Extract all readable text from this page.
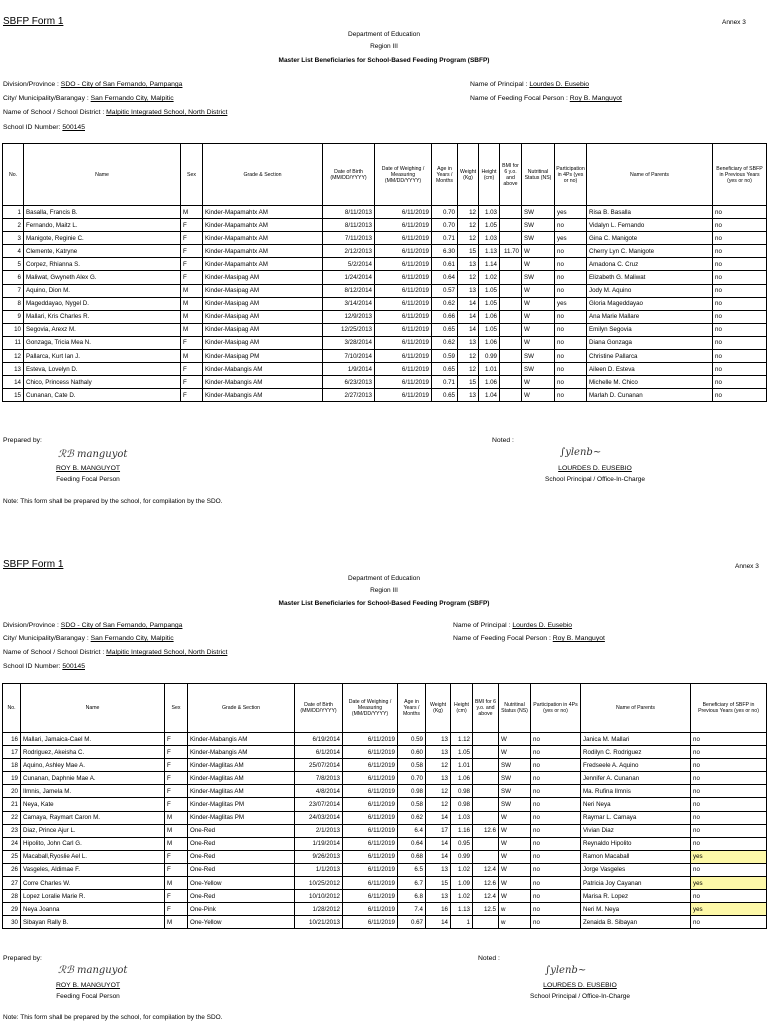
SBFP Form 1	Annex 3
Department of Education
Region III
Master List Beneficiaries for School-Based Feeding Program (SBFP)
Division/Province : SDO - City of San Fernando, Pampanga
City/ Municipality/Barangay : San Fernando City, Malpitic
Name of School / School District : Malpitic Integrated School, North District
School ID Number: 500145
Name of Principal : Lourdes D. Eusebio
Name of Feeding Focal Person : Roy B. Manguyot
No.	Name	Sex	Grade & Section	Date of Birth (MM/DD/YYYY)	Date of Weighing / Measuring (MM/DD/YYYY)	Age in Years / Months	Weight (Kg)	Height (cm)	BMI for 6 y.o. and above	Nutritinal Status (NS)	Participation in 4Ps (yes or no)	Name of Parents	Beneficiary of SBFP in Previous Years (yes or no)
1	Basalla, Francis B.	M	Kinder-Mapamahtx AM	8/11/2013	6/11/2019	0.70	12	1.03		SW	yes	Risa B. Basalla	no
2	Fernando, Maitz L.	F	Kinder-Mapamahtx AM	8/11/2013	6/11/2019	0.70	12	1.05		SW	no	Vidalyn L. Fernando	no
3	Manigote, Reginie C.	F	Kinder-Mapamahtx AM	7/11/2013	6/11/2019	0.71	12	1.03		SW	yes	Gina C. Manigote	no
4	Clemente, Katryne	F	Kinder-Mapamahtx AM	2/12/2013	6/11/2019	6.30	15	1.13	11.70	W	no	Cherry Lyn C. Manigote	no
5	Corpez, Rhianna S.	F	Kinder-Mapamahtx AM	5/2/2014	6/11/2019	0.61	13	1.14		W	no	Amadona C. Cruz	no
6	Maliwat, Gwyneth Alex G.	F	Kinder-Masipag AM	1/24/2014	6/11/2019	0.64	12	1.02		SW	no	Elizabeth G. Maliwat	no
7	Aquino, Dion M.	M	Kinder-Masipag AM	8/12/2014	6/11/2019	0.57	13	1.05		W	no	Jody M. Aquino	no
8	Mageddayao, Nygel D.	M	Kinder-Masipag AM	3/14/2014	6/11/2019	0.62	14	1.05		W	yes	Gloria Mageddayao	no
9	Mallari, Kris Charles R.	M	Kinder-Masipag AM	12/9/2013	6/11/2019	0.66	14	1.06		W	no	Ana Marie Mallare	no
10	Segovia, Arexz M.	M	Kinder-Masipag AM	12/25/2013	6/11/2019	0.65	14	1.05		W	no	Emilyn Segovia	no
11	Gonzaga, Tricia Mea N.	F	Kinder-Masipag AM	3/28/2014	6/11/2019	0.62	13	1.06		W	no	Diana Gonzaga	no
12	Pallarca, Kurt Ian J.	M	Kinder-Masipag PM	7/10/2014	6/11/2019	0.59	12	0.99		SW	no	Christine Pallarca	no
13	Esteva, Lovelyn D.	F	Kinder-Mabangis AM	1/9/2014	6/11/2019	0.65	12	1.01		SW	no	Aileen D. Esteva	no
14	Chico, Princess Nathaly	F	Kinder-Mabangis AM	6/23/2013	6/11/2019	0.71	15	1.06		W	no	Michelle M. Chico	no
15	Cunanan, Cate D.	F	Kinder-Mabangis AM	2/27/2013	6/11/2019	0.65	13	1.04		W	no	Marlah D. Cunanan	no
Prepared by:	Noted :
ℛℬ manguyot	∫ylenb~
ROY B. MANGUYOT
Feeding Focal Person
LOURDES D. EUSEBIO
School Principal / Office-In-Charge
Note: This form shall be prepared by the school, for compilation by the SDO.
SBFP Form 1	Annex 3
Department of Education
Region III
Master List Beneficiaries for School-Based Feeding Program (SBFP)
Division/Province : SDO - City of San Fernando, Pampanga
City/ Municipality/Barangay : San Fernando City, Malpitic
Name of School / School District : Malpitic Integrated School, North District
School ID Number: 500145
Name of Principal : Lourdes D. Eusebio
Name of Feeding Focal Person : Roy B. Manguyot
No.	Name	Sex	Grade & Section	Date of Birth (MM/DD/YYYY)	Date of Weighing / Measuring (MM/DD/YYYY)	Age in Years / Months	Weight (Kg)	Height (cm)	BMI for 6 y.o. and above	Nutritinal Status (NS)	Participation in 4Ps (yes or no)	Name of Parents	Beneficiary of SBFP in Previous Years (yes or no)
16	Mallari, Jamaica-Cael M.	F	Kinder-Mabangis AM	6/19/2014	6/11/2019	0.59	13	1.12		W	no	Janica M. Mallari	no
17	Rodriguez, Akeisha C.	F	Kinder-Mabangis AM	6/1/2014	6/11/2019	0.60	13	1.05		W	no	Rodilyn C. Rodriguez	no
18	Aquino, Ashley Mae A.	F	Kinder-Maglitas AM	25/07/2014	6/11/2019	0.58	12	1.01		SW	no	Fredseele A. Aquino	no
19	Cunanan, Daphnie Mae A.	F	Kinder-Maglitas AM	7/8/2013	6/11/2019	0.70	13	1.06		SW	no	Jennifer A. Cunanan	no
20	Ilmnis, Jamela M.	F	Kinder-Maglitas AM	4/8/2014	6/11/2019	0.98	12	0.98		SW	no	Ma. Rufina Ilmnis	no
21	Neya, Kate	F	Kinder-Maglitas PM	23/07/2014	6/11/2019	0.58	12	0.98		SW	no	Neri Neya	no
22	Camaya, Raymart Caron M.	M	Kinder-Maglitas PM	24/03/2014	6/11/2019	0.62	14	1.03		W	no	Raymar L. Camaya	no
23	Diaz, Prince Ajur L.	M	One-Red	2/1/2013	6/11/2019	6.4	17	1.16	12.6	W	no	Vivian Diaz	no
24	Hipolito, John Carl G.	M	One-Red	1/19/2014	6/11/2019	0.64	14	0.95		W	no	Reynaldo Hipolito	no
25	Macaball,Ryoslie Ael L.	F	One-Red	9/26/2013	6/11/2019	0.68	14	0.99		W	no	Ramon Macaball	yes
26	Vasgeles, Aldimae F.	F	One-Red	1/1/2013	6/11/2019	6.5	13	1.02	12.4	W	no	Jorge Vasgeles	no
27	Corre Charles W.	M	One-Yellow	10/25/2012	6/11/2019	6.7	15	1.09	12.6	W	no	Patricia Joy Cayanan	yes
28	Lopez Loralie Marie R.	F	One-Red	10/10/2012	6/11/2019	6.8	13	1.02	12.4	W	no	Marisa R. Lopez	no
29	Neya Joanna	F	One-Pink	1/28/2012	6/11/2019	7.4	16	1.13	12.5	w	no	Neri M. Neya	yes
30	Sibayan Rally B.	M	One-Yellow	10/21/2013	6/11/2019	0.67	14	1		w	no	Zenaida B. Sibayan	no
Prepared by:	Noted :
ℛℬ manguyot	∫ylenb~
ROY B. MANGUYOT
Feeding Focal Person
LOURDES D. EUSEBIO
School Principal / Office-In-Charge
Note: This form shall be prepared by the school, for compilation by the SDO.
